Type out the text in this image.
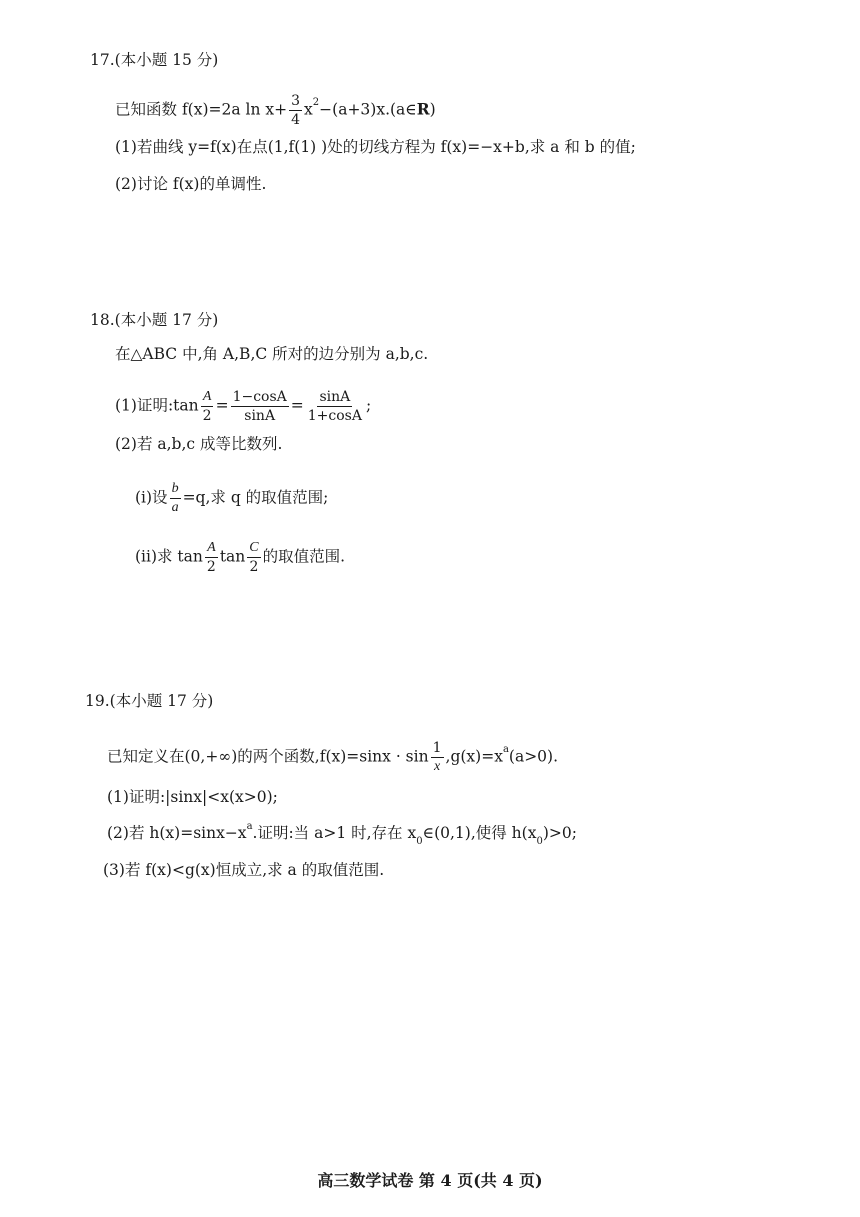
17.(本小题 15 分)
已知函数 f(x)=2a $\ln x+ \frac{3}{4}$ $x^2-(a+3)x.(a\in R)$
(1)若曲线 y=f(x)在点(1,f(1) )处的切线方程为 f(x)=−x+b,求 a 和 b 的值;
(2)讨论 f(x)的单调性.
18.(本小题 17 分)
在△ABC 中,角 A,B,C 所对的边分别为 a,b,c.
(1)证明:tan $\frac{A}{2} = \frac{1-\cos A}{\sin A} = \frac{\sin A}{1+\cos A}$ ;
(2)若 a,b,c 成等比数列.
(i)设 $\frac{b}{a} =q$,求 q 的取值范围;
(ii)求 $\tan \frac{A}{2}$ $\tan \frac{C}{2}$ 的取值范围.
19.(本小题 17 分)
已知定义在(0,+∞)的两个函数$,f(x)=\sin x \cdot \sin \frac{1}{x} ,g(x)=x^a(a>0)$.
(1)证明:|sinx|<x(x>0);
(2)若 $h(x)=\sin x-x^a$.证明:当 a>1 时,存在 $x_0\in(0,1)$,使得 $h(x_0)>0$;
(3)若 f(x)<g(x)恒成立,求 a 的取值范围.
高三数学试卷 第 4 页(共 4 页)
